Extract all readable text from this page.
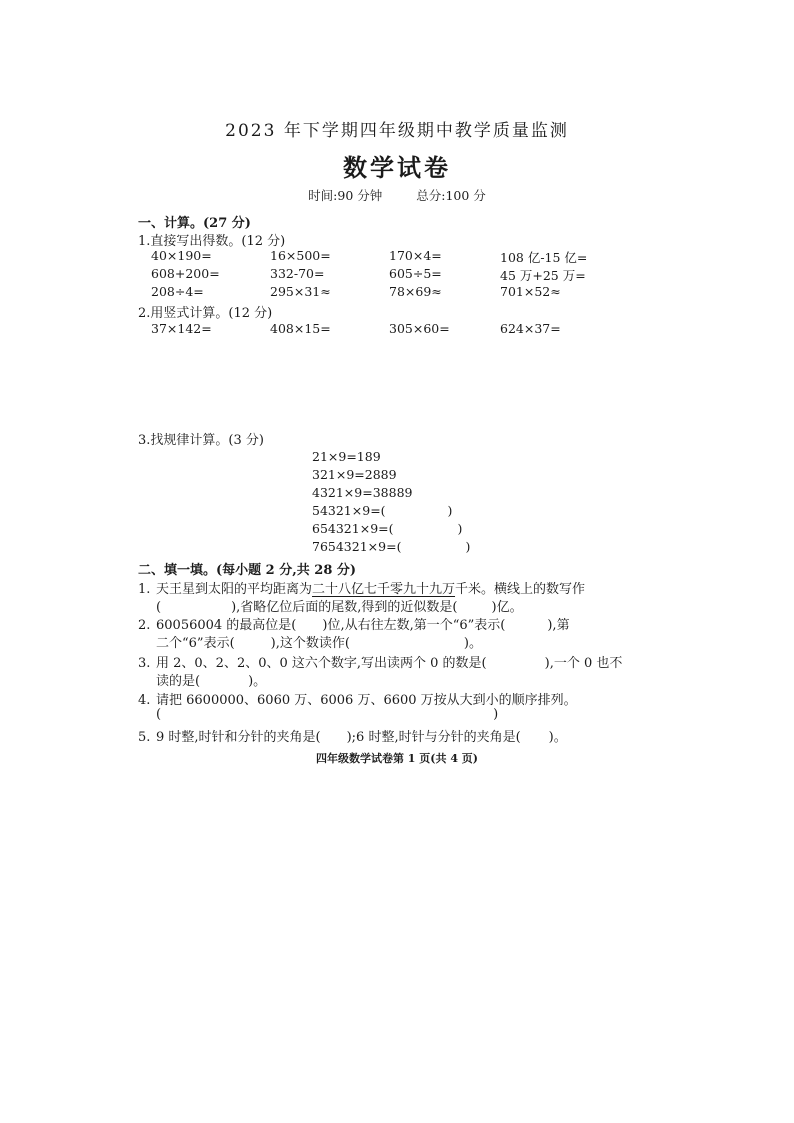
2023 年下学期四年级期中教学质量监测
数学试卷
时间:90 分钟	总分:100 分
一、计算。(27 分)
1.直接写出得数。(12 分)
40×190=	16×500=	170×4=	108 亿-15 亿=
608+200=	332-70=	605÷5=	45 万+25 万=
208÷4=	295×31≈	78×69≈	701×52≈
2.用竖式计算。(12 分)
37×142=	408×15=	305×60=	624×37=
3.找规律计算。(3 分)
21×9=189
321×9=2889
4321×9=38889
54321×9=(	)
654321×9=(	)
7654321×9=(	)
二、填一填。(每小题 2 分,共 28 分)
1. 天王星到太阳的平均距离为二十八亿七千零九十九万千米。横线上的数写作
(	),省略亿位后面的尾数,得到的近似数是(	)亿。
2. 60056004 的最高位是( )位,从右往左数,第一个“6”表示(	),第
二个“6”表示(	),这个数读作(	)。
3. 用 2、0、2、2、0、0 这六个数字,写出读两个 0 的数是(	),一个 0 也不
读的是(	)。
4. 请把 6600000、6060 万、6006 万、6600 万按从大到小的顺序排列。
(	)
5. 9 时整,时针和分针的夹角是( );6 时整,时针与分针的夹角是( )。
四年级数学试卷第 1 页(共 4 页)
